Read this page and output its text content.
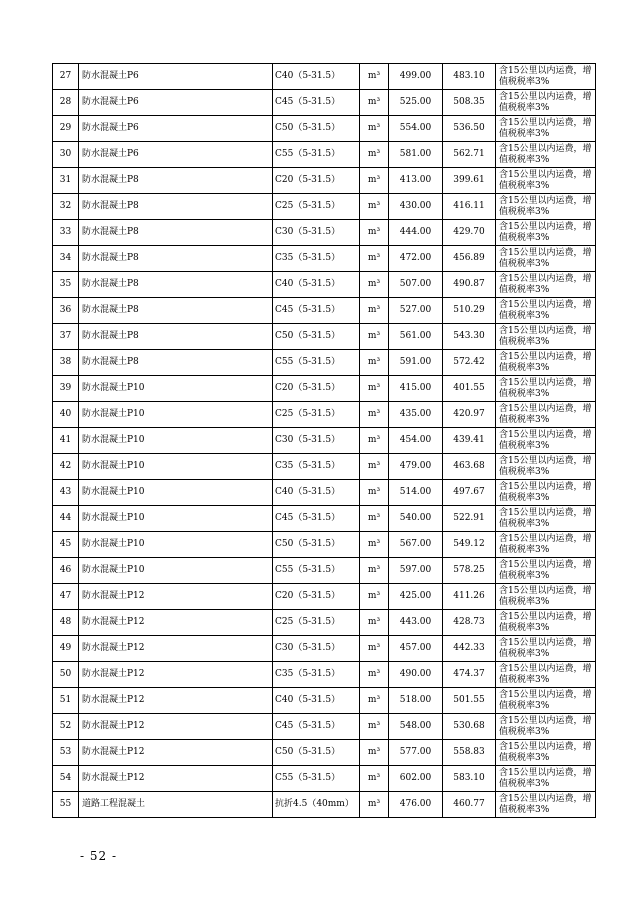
27	防水混凝土P6	C40（5-31.5）	m³	499.00	483.10	含15公里以内运费，增值税税率3%
28	防水混凝土P6	C45（5-31.5）	m³	525.00	508.35	含15公里以内运费，增值税税率3%
29	防水混凝土P6	C50（5-31.5）	m³	554.00	536.50	含15公里以内运费，增值税税率3%
30	防水混凝土P6	C55（5-31.5）	m³	581.00	562.71	含15公里以内运费，增值税税率3%
31	防水混凝土P8	C20（5-31.5）	m³	413.00	399.61	含15公里以内运费，增值税税率3%
32	防水混凝土P8	C25（5-31.5）	m³	430.00	416.11	含15公里以内运费，增值税税率3%
33	防水混凝土P8	C30（5-31.5）	m³	444.00	429.70	含15公里以内运费，增值税税率3%
34	防水混凝土P8	C35（5-31.5）	m³	472.00	456.89	含15公里以内运费，增值税税率3%
35	防水混凝土P8	C40（5-31.5）	m³	507.00	490.87	含15公里以内运费，增值税税率3%
36	防水混凝土P8	C45（5-31.5）	m³	527.00	510.29	含15公里以内运费，增值税税率3%
37	防水混凝土P8	C50（5-31.5）	m³	561.00	543.30	含15公里以内运费，增值税税率3%
38	防水混凝土P8	C55（5-31.5）	m³	591.00	572.42	含15公里以内运费，增值税税率3%
39	防水混凝土P10	C20（5-31.5）	m³	415.00	401.55	含15公里以内运费，增值税税率3%
40	防水混凝土P10	C25（5-31.5）	m³	435.00	420.97	含15公里以内运费，增值税税率3%
41	防水混凝土P10	C30（5-31.5）	m³	454.00	439.41	含15公里以内运费，增值税税率3%
42	防水混凝土P10	C35（5-31.5）	m³	479.00	463.68	含15公里以内运费，增值税税率3%
43	防水混凝土P10	C40（5-31.5）	m³	514.00	497.67	含15公里以内运费，增值税税率3%
44	防水混凝土P10	C45（5-31.5）	m³	540.00	522.91	含15公里以内运费，增值税税率3%
45	防水混凝土P10	C50（5-31.5）	m³	567.00	549.12	含15公里以内运费，增值税税率3%
46	防水混凝土P10	C55（5-31.5）	m³	597.00	578.25	含15公里以内运费，增值税税率3%
47	防水混凝土P12	C20（5-31.5）	m³	425.00	411.26	含15公里以内运费，增值税税率3%
48	防水混凝土P12	C25（5-31.5）	m³	443.00	428.73	含15公里以内运费，增值税税率3%
49	防水混凝土P12	C30（5-31.5）	m³	457.00	442.33	含15公里以内运费，增值税税率3%
50	防水混凝土P12	C35（5-31.5）	m³	490.00	474.37	含15公里以内运费，增值税税率3%
51	防水混凝土P12	C40（5-31.5）	m³	518.00	501.55	含15公里以内运费，增值税税率3%
52	防水混凝土P12	C45（5-31.5）	m³	548.00	530.68	含15公里以内运费，增值税税率3%
53	防水混凝土P12	C50（5-31.5）	m³	577.00	558.83	含15公里以内运费，增值税税率3%
54	防水混凝土P12	C55（5-31.5）	m³	602.00	583.10	含15公里以内运费，增值税税率3%
55	道路工程混凝土	抗折4.5（40mm）	m³	476.00	460.77	含15公里以内运费，增值税税率3%
- 52 -
